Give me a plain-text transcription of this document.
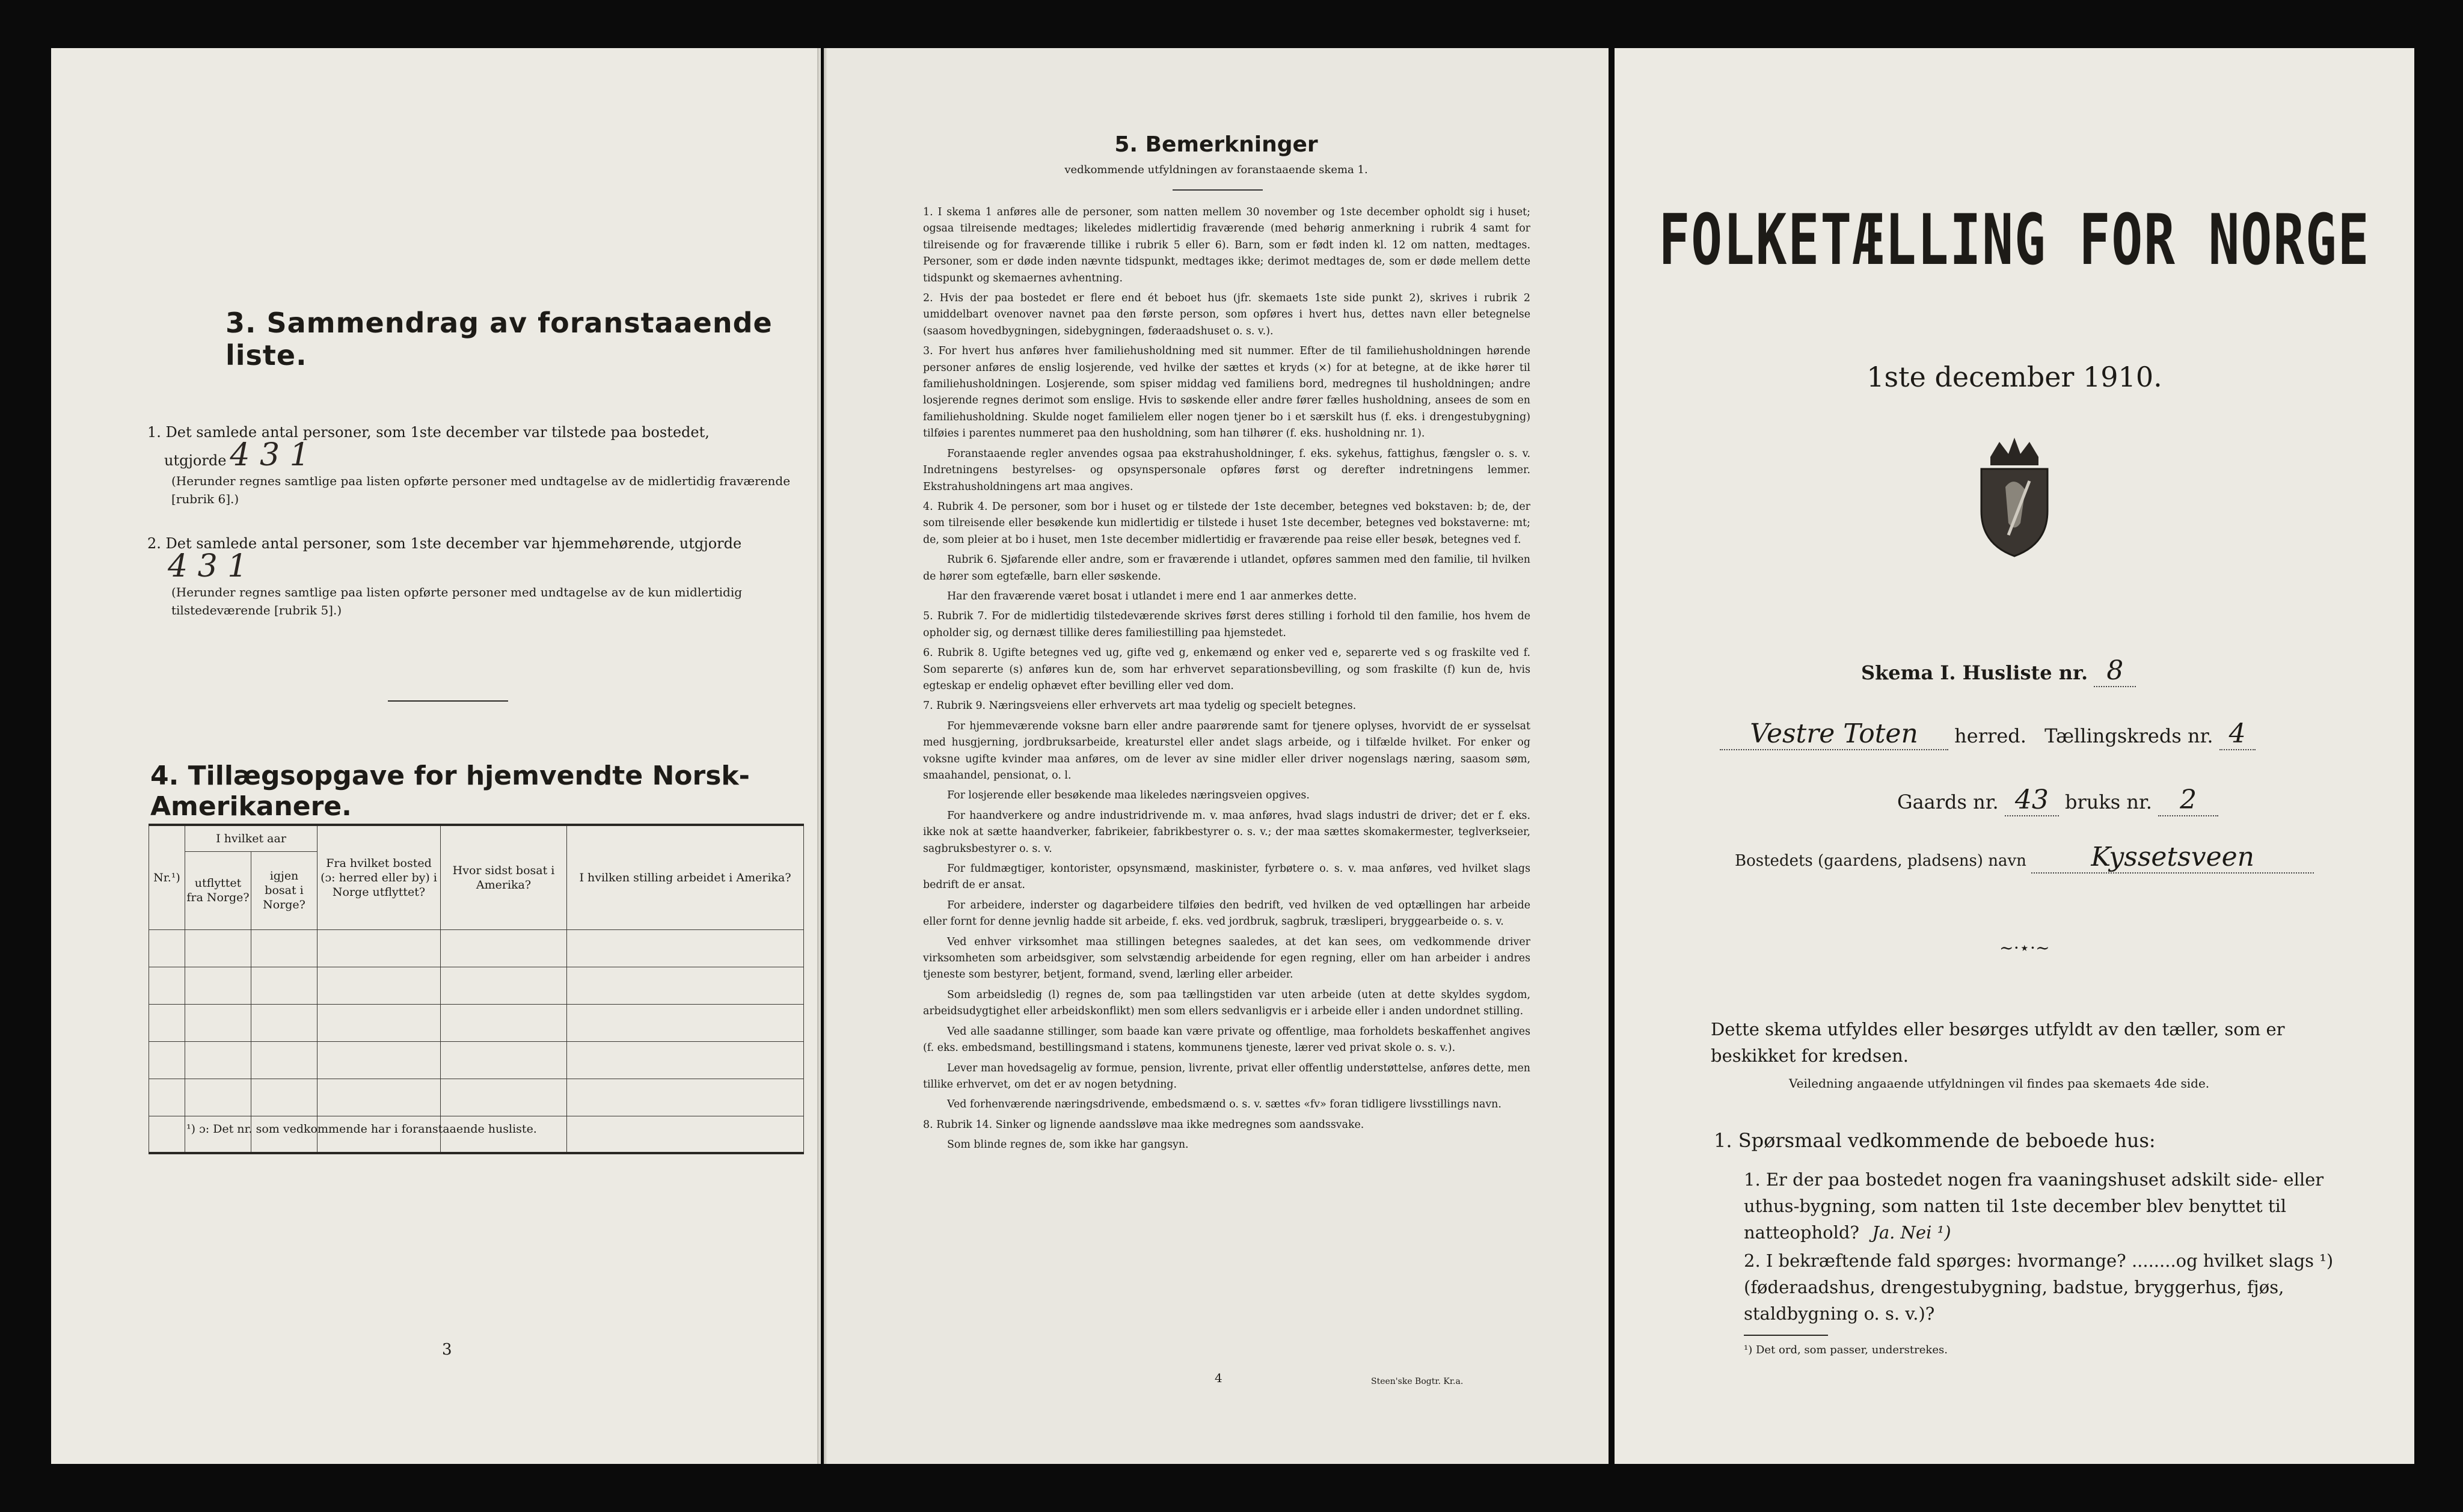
3. Sammendrag av foranstaaende liste.
1. Det samlede antal personer, som 1ste december var tilstede paa bostedet,
utgjorde 4 3 1
(Herunder regnes samtlige paa listen opførte personer med undtagelse av de midlertidig fraværende [rubrik 6].)
2. Det samlede antal personer, som 1ste december var hjemmehørende, utgjorde
4 3 1
(Herunder regnes samtlige paa listen opførte personer med undtagelse av de kun midlertidig tilstedeværende [rubrik 5].)
4. Tillægsopgave for hjemvendte Norsk-Amerikanere.
Nr.¹)	I hvilket aar		Fra hvilket bosted (ɔ: herred eller by) i Norge utflyttet?	Hvor sidst bosat i Amerika?	I hvilken stilling arbeidet i Amerika?
	utflyttet fra Norge?	igjen bosat i Norge?			

¹) ɔ: Det nr. som vedkommende har i foranstaaende husliste.
3
5. Bemerkninger
vedkommende utfyldningen av foranstaaende skema 1.

1. I skema 1 anføres alle de personer, som natten mellem 30 november og 1ste december opholdt sig i huset; ogsaa tilreisende medtages; likeledes midlertidig fraværende (med behørig anmerkning i rubrik 4 samt for tilreisende og for fraværende tillike i rubrik 5 eller 6). Barn, som er født inden kl. 12 om natten, medtages. Personer, som er døde inden nævnte tidspunkt, medtages ikke; derimot medtages de, som er døde mellem dette tidspunkt og skemaernes avhentning.

2. Hvis der paa bostedet er flere end ét beboet hus (jfr. skemaets 1ste side punkt 2), skrives i rubrik 2 umiddelbart ovenover navnet paa den første person, som opføres i hvert hus, dettes navn eller betegnelse (saasom hovedbygningen, sidebygningen, føderaadshuset o. s. v.).

3. For hvert hus anføres hver familiehusholdning med sit nummer. Efter de til familiehusholdningen hørende personer anføres de enslig losjerende, ved hvilke der sættes et kryds (×) for at betegne, at de ikke hører til familiehusholdningen. Losjerende, som spiser middag ved familiens bord, medregnes til husholdningen; andre losjerende regnes derimot som enslige. Hvis to søskende eller andre fører fælles husholdning, ansees de som en familiehusholdning. Skulde noget familielem eller nogen tjener bo i et særskilt hus (f. eks. i drengestubygning) tilføies i parentes nummeret paa den husholdning, som han tilhører (f. eks. husholdning nr. 1).

Foranstaaende regler anvendes ogsaa paa ekstrahusholdninger, f. eks. sykehus, fattighus, fængsler o. s. v. Indretningens bestyrelses- og opsynspersonale opføres først og derefter indretningens lemmer. Ekstrahusholdningens art maa angives.

4. Rubrik 4. De personer, som bor i huset og er tilstede der 1ste december, betegnes ved bokstaven: b; de, der som tilreisende eller besøkende kun midlertidig er tilstede i huset 1ste december, betegnes ved bokstaverne: mt; de, som pleier at bo i huset, men 1ste december midlertidig er fraværende paa reise eller besøk, betegnes ved f.

Rubrik 6. Sjøfarende eller andre, som er fraværende i utlandet, opføres sammen med den familie, til hvilken de hører som egtefælle, barn eller søskende.

Har den fraværende været bosat i utlandet i mere end 1 aar anmerkes dette.

5. Rubrik 7. For de midlertidig tilstedeværende skrives først deres stilling i forhold til den familie, hos hvem de opholder sig, og dernæst tillike deres familiestilling paa hjemstedet.

6. Rubrik 8. Ugifte betegnes ved ug, gifte ved g, enkemænd og enker ved e, separerte ved s og fraskilte ved f. Som separerte (s) anføres kun de, som har erhvervet separationsbevilling, og som fraskilte (f) kun de, hvis egteskap er endelig ophævet efter bevilling eller ved dom.

7. Rubrik 9. Næringsveiens eller erhvervets art maa tydelig og specielt betegnes.

For hjemmeværende voksne barn eller andre paarørende samt for tjenere oplyses, hvorvidt de er sysselsat med husgjerning, jordbruksarbeide, kreaturstel eller andet slags arbeide, og i tilfælde hvilket. For enker og voksne ugifte kvinder maa anføres, om de lever av sine midler eller driver nogenslags næring, saasom søm, smaahandel, pensionat, o. l.

For losjerende eller besøkende maa likeledes næringsveien opgives.

For haandverkere og andre industridrivende m. v. maa anføres, hvad slags industri de driver; det er f. eks. ikke nok at sætte haandverker, fabrikeier, fabrikbestyrer o. s. v.; der maa sættes skomakermester, teglverkseier, sagbruksbestyrer o. s. v.

For fuldmægtiger, kontorister, opsynsmænd, maskinister, fyrbøtere o. s. v. maa anføres, ved hvilket slags bedrift de er ansat.

For arbeidere, inderster og dagarbeidere tilføies den bedrift, ved hvilken de ved optællingen har arbeide eller fornt for denne jevnlig hadde sit arbeide, f. eks. ved jordbruk, sagbruk, træsliperi, bryggearbeide o. s. v.

Ved enhver virksomhet maa stillingen betegnes saaledes, at det kan sees, om vedkommende driver virksomheten som arbeidsgiver, som selvstændig arbeidende for egen regning, eller om han arbeider i andres tjeneste som bestyrer, betjent, formand, svend, lærling eller arbeider.

Som arbeidsledig (l) regnes de, som paa tællingstiden var uten arbeide (uten at dette skyldes sygdom, arbeidsudygtighet eller arbeidskonflikt) men som ellers sedvanligvis er i arbeide eller i anden undordnet stilling.

Ved alle saadanne stillinger, som baade kan være private og offentlige, maa forholdets beskaffenhet angives (f. eks. embedsmand, bestillingsmand i statens, kommunens tjeneste, lærer ved privat skole o. s. v.).

Lever man hovedsagelig av formue, pension, livrente, privat eller offentlig understøttelse, anføres dette, men tillike erhvervet, om det er av nogen betydning.

Ved forhenværende næringsdrivende, embedsmænd o. s. v. sættes «fv» foran tidligere livsstillings navn.

8. Rubrik 14. Sinker og lignende aandssløve maa ikke medregnes som aandssvake.

Som blinde regnes de, som ikke har gangsyn.

4	Steen'ske Bogtr. Kr.a.
FOLKETÆLLING FOR NORGE
1ste december 1910.
Skema I. Husliste nr. 8
Vestre Toten herred. Tællingskreds nr. 4
Gaards nr. 43 bruks nr. 2
Bostedets (gaardens, pladsens) navn Kyssetsveen
~⋅⋆⋅~
Dette skema utfyldes eller besørges utfyldt av den tæller, som er beskikket for kredsen.
Veiledning angaaende utfyldningen vil findes paa skemaets 4de side.
1. Spørsmaal vedkommende de beboede hus:
1. Er der paa bostedet nogen fra vaaningshuset adskilt side- eller uthus-bygning, som natten til 1ste december blev benyttet til natteophold? Ja. Nei ¹)
2. I bekræftende fald spørges: hvormange? ........og hvilket slags ¹) (føderaadshus, drengestubygning, badstue, bryggerhus, fjøs, staldbygning o. s. v.)?
¹) Det ord, som passer, understrekes.
